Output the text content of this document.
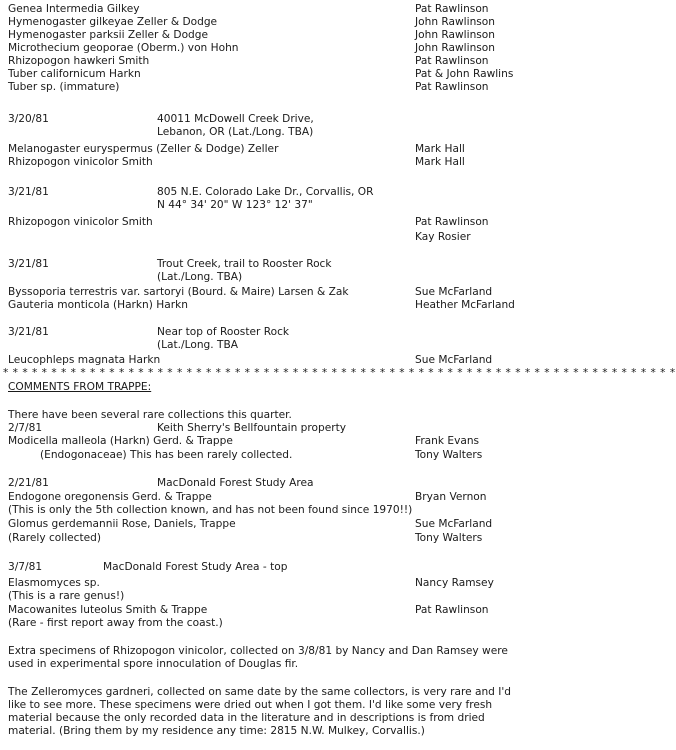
Genea Intermedia Gilkey	Pat Rawlinson
Hymenogaster gilkeyae Zeller & Dodge	John Rawlinson
Hymenogaster parksii Zeller & Dodge	John Rawlinson
Microthecium geoporae (Oberm.) von Hohn	John Rawlinson
Rhizopogon hawkeri Smith	Pat Rawlinson
Tuber californicum Harkn	Pat & John Rawlins
Tuber sp. (immature)	Pat Rawlinson
3/20/81	40011 McDowell Creek Drive,
Lebanon, OR (Lat./Long. TBA)
Melanogaster euryspermus (Zeller & Dodge) Zeller	Mark Hall
Rhizopogon vinicolor Smith	Mark Hall
3/21/81	805 N.E. Colorado Lake Dr., Corvallis, OR
N 44° 34' 20" W 123° 12' 37"
Rhizopogon vinicolor Smith	Pat Rawlinson
Kay Rosier
3/21/81	Trout Creek, trail to Rooster Rock
(Lat./Long. TBA)
Byssoporia terrestris var. sartoryi (Bourd. & Maire) Larsen & Zak	Sue McFarland
Gauteria monticola (Harkn) Harkn	Heather McFarland
3/21/81	Near top of Rooster Rock
(Lat./Long. TBA
Leucophleps magnata Harkn	Sue McFarland
* * * * * * * * * * * * * * * * * * * * * * * * * * * * * * * * * * * * * * * * * * * * * * * * * * * * * * * * * * * * * * * * * * * * * *
COMMENTS FROM TRAPPE:
There have been several rare collections this quarter.
2/7/81	Keith Sherry's Bellfountain property
Modicella malleola (Harkn) Gerd. & Trappe	Frank Evans
(Endogonaceae) This has been rarely collected.	Tony Walters
2/21/81	MacDonald Forest Study Area
Endogone oregonensis Gerd. & Trappe	Bryan Vernon
(This is only the 5th collection known, and has not been found since 1970!!)
Glomus gerdemannii Rose, Daniels, Trappe	Sue McFarland
(Rarely collected)	Tony Walters
3/7/81	MacDonald Forest Study Area - top
Elasmomyces sp.	Nancy Ramsey
(This is a rare genus!)
Macowanites luteolus Smith & Trappe	Pat Rawlinson
(Rare - first report away from the coast.)
Extra specimens of Rhizopogon vinicolor, collected on 3/8/81 by Nancy and Dan Ramsey were
used in experimental spore innoculation of Douglas fir.
The Zelleromyces gardneri, collected on same date by the same collectors, is very rare and I'd
like to see more. These specimens were dried out when I got them. I'd like some very fresh
material because the only recorded data in the literature and in descriptions is from dried
material. (Bring them by my residence any time: 2815 N.W. Mulkey, Corvallis.)
